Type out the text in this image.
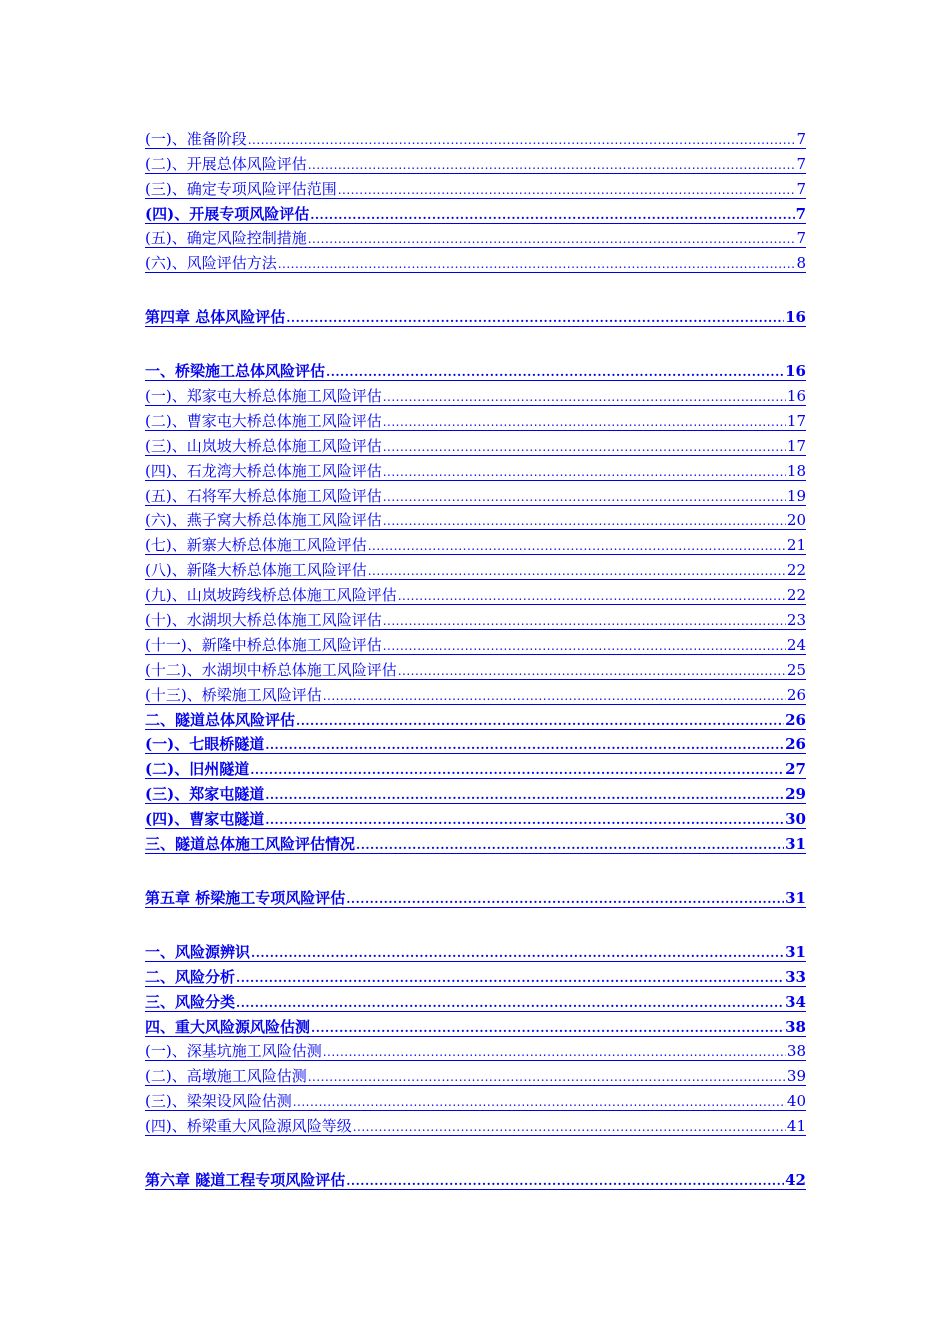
(一)、准备阶段 .....	7
(二)、开展总体风险评估 .....	7
(三)、确定专项风险评估范围 .....	7
(四)、开展专项风险评估 .....	7
(五)、确定风险控制措施 .....	7
(六)、风险评估方法 .....	8
第四章 总体风险评估 .....	16
一、桥梁施工总体风险评估 .....	16
(一)、郑家屯大桥总体施工风险评估 .....	16
(二)、曹家屯大桥总体施工风险评估 .....	17
(三)、山岚坡大桥总体施工风险评估 .....	17
(四)、石龙湾大桥总体施工风险评估 .....	18
(五)、石将军大桥总体施工风险评估 .....	19
(六)、燕子窝大桥总体施工风险评估 .....	20
(七)、新寨大桥总体施工风险评估 .....	21
(八)、新隆大桥总体施工风险评估 .....	22
(九)、山岚坡跨线桥总体施工风险评估 .....	22
(十)、水湖坝大桥总体施工风险评估 .....	23
(十一)、新隆中桥总体施工风险评估 .....	24
(十二)、水湖坝中桥总体施工风险评估 .....	25
(十三)、桥梁施工风险评估 .....	26
二、隧道总体风险评估 .....	26
(一)、七眼桥隧道 .....	26
(二)、旧州隧道 .....	27
(三)、郑家屯隧道 .....	29
(四)、曹家屯隧道 .....	30
三、隧道总体施工风险评估情况 .....	31
第五章 桥梁施工专项风险评估 .....	31
一、风险源辨识 .....	31
二、风险分析 .....	33
三、风险分类 .....	34
四、重大风险源风险估测 .....	38
(一)、深基坑施工风险估测 .....	38
(二)、高墩施工风险估测 .....	39
(三)、梁架设风险估测 .....	40
(四)、桥梁重大风险源风险等级 .....	41
第六章 隧道工程专项风险评估 .....	42
